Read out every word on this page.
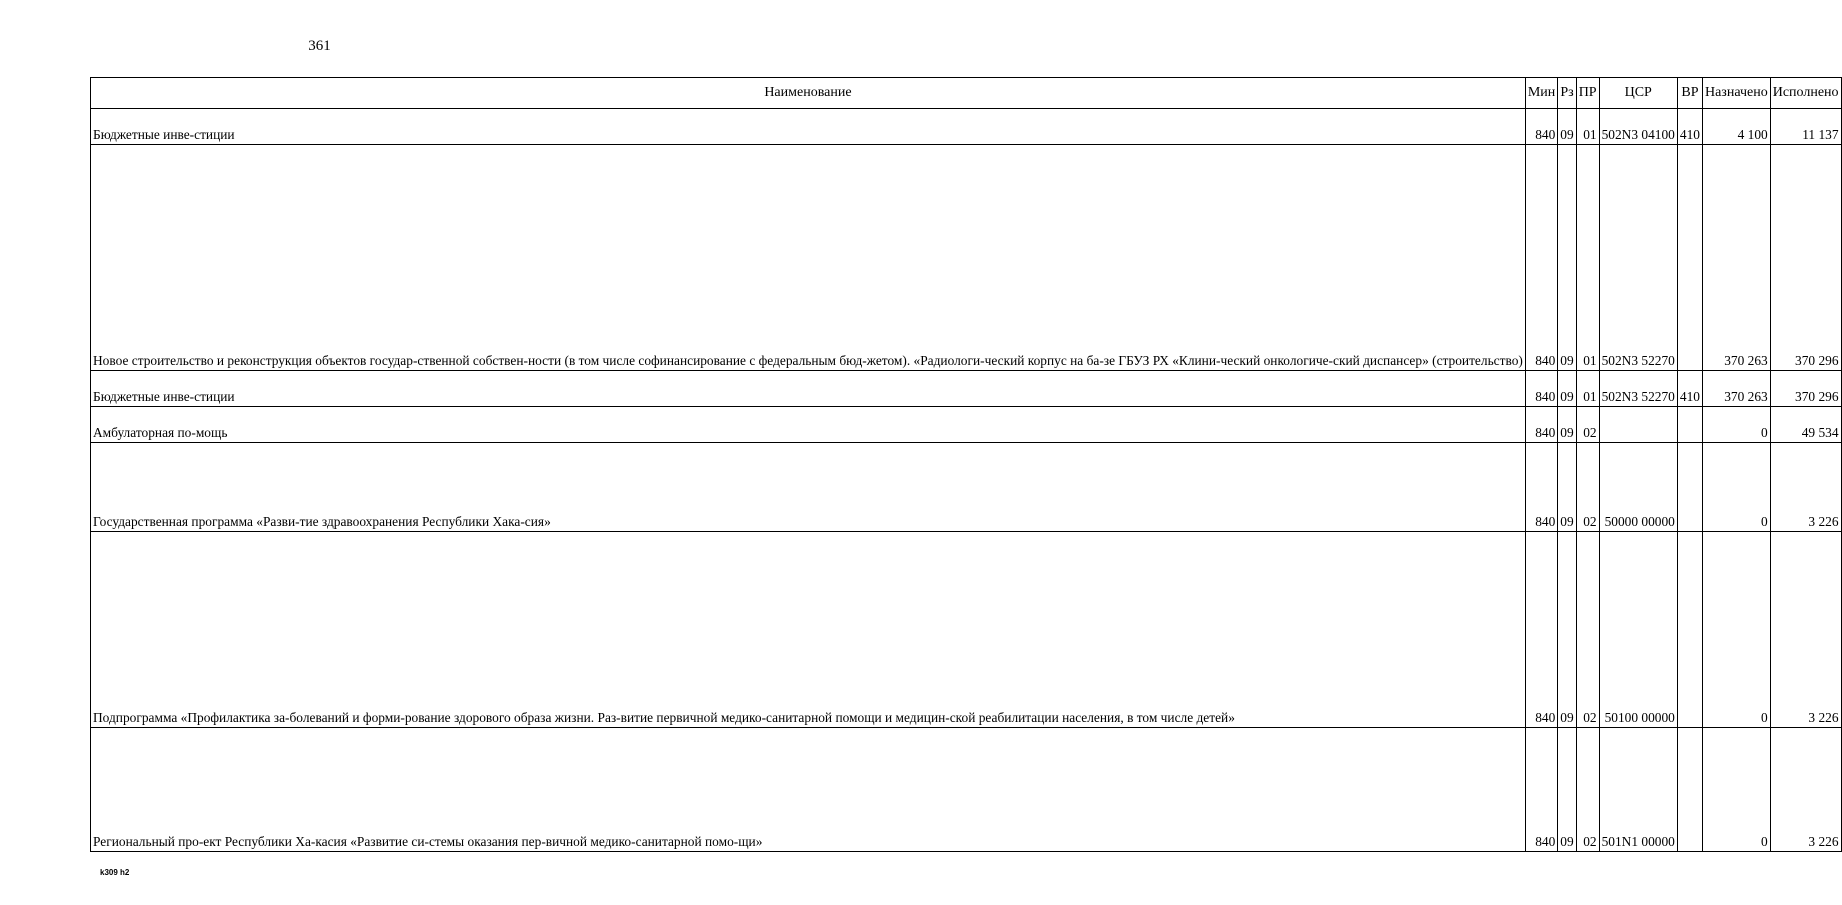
361
Наименование	Мин	Рз	ПР	ЦСР	ВР	Назначено	Исполнено
Бюджетные инве-стиции	840	09	01	502N3 04100	410	4 100	11 137
Новое строительство и реконструкция объектов государ-ственной собствен-ности (в том числе софинансирование с федеральным бюд-жетом). «Радиологи-ческий корпус на ба-зе ГБУЗ РХ «Клини-ческий онкологиче-ский диспансер» (строительство)	840	09	01	502N3 52270		370 263	370 296
Бюджетные инве-стиции	840	09	01	502N3 52270	410	370 263	370 296
Амбулаторная по-мощь	840	09	02			0	49 534
Государственная программа «Разви-тие здравоохранения Республики Хака-сия»	840	09	02	50000 00000		0	3 226
Подпрограмма «Профилактика за-болеваний и форми-рование здорового образа жизни. Раз-витие первичной медико-санитарной помощи и медицин-ской реабилитации населения, в том числе детей»	840	09	02	50100 00000		0	3 226
Региональный про-ект Республики Ха-касия «Развитие си-стемы оказания пер-вичной медико-санитарной помо-щи»	840	09	02	501N1 00000		0	3 226
k309 h2
